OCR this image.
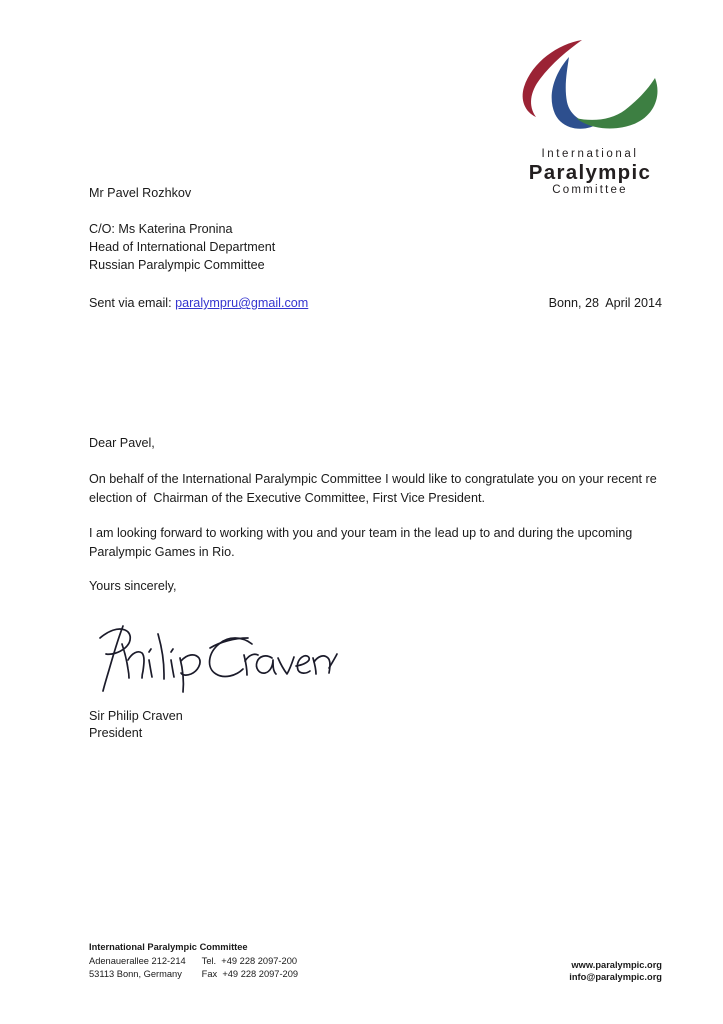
International
Paralympic
Committee
Mr Pavel Rozhkov
C/O: Ms Katerina Pronina
Head of International Department
Russian Paralympic Committee
Sent via email: paralympru@gmail.com	Bonn, 28  April 2014
Dear Pavel,
On behalf of the International Paralympic Committee I would like to congratulate you on your recent re election of  Chairman of the Executive Committee, First Vice President.
I am looking forward to working with you and your team in the lead up to and during the upcoming Paralympic Games in Rio.
Yours sincerely,
Sir Philip Craven
President
International Paralympic Committee
Adenauerallee 212-214	Tel.  +49 228 2097-200
53113 Bonn, Germany	Fax  +49 228 2097-209
www.paralympic.org
info@paralympic.org
